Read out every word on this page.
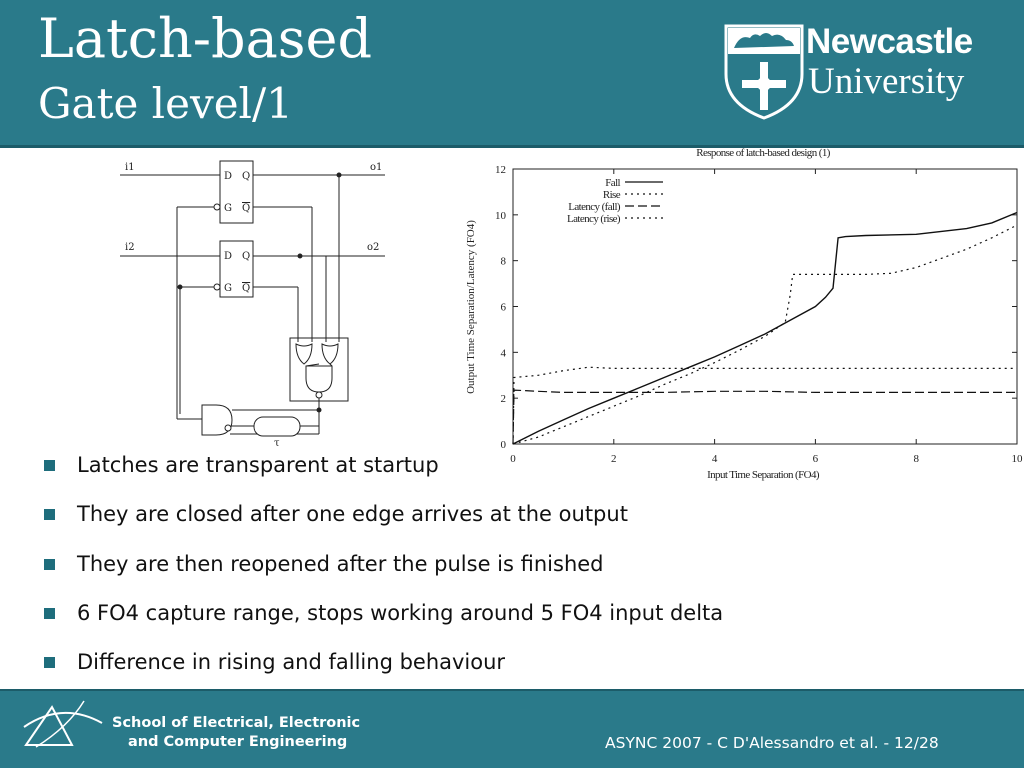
Latch-based
Gate level/1
Newcastle
University
i1
i2
o1
o2
D Q
G Q
D Q
G Q
τ
Response of latch-based design (1)
Input Time Separation (FO4)
Output Time Separation/Latency (FO4)
0	2	4	6	8	10
0
2
4
6
8
10
12
Fall
Rise
Latency (fall)
Latency (rise)
Latches are transparent at startup
They are closed after one edge arrives at the output
They are then reopened after the pulse is finished
6 FO4 capture range, stops working around 5 FO4 input delta
Difference in rising and falling behaviour
School of Electrical, Electronic
and Computer Engineering	ASYNC 2007 - C D'Alessandro et al. - 12/28
